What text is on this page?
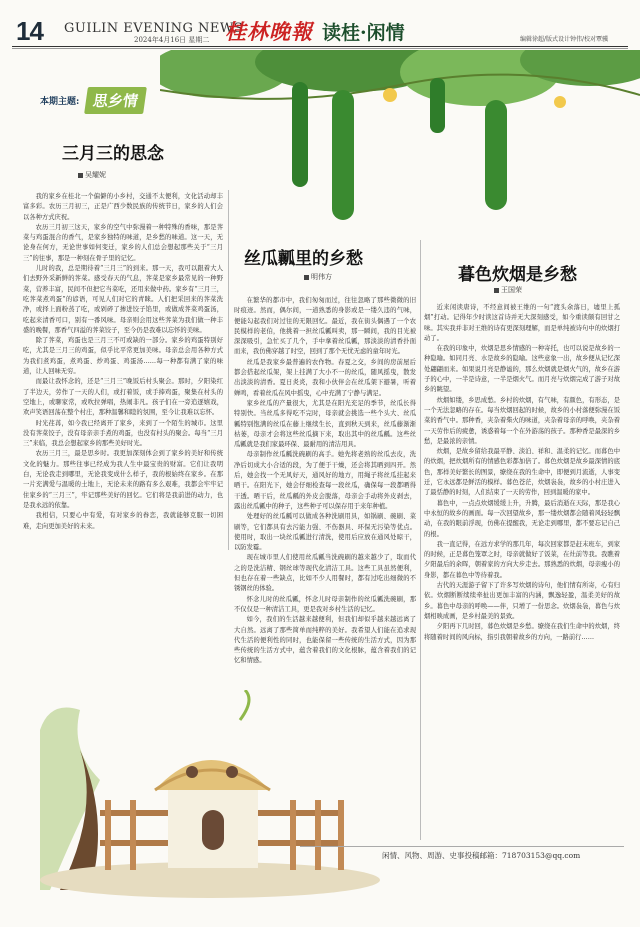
14 GUILIN EVENING NEWS
2024年4月16日 星期二 桂林晚報 读桂·闲情	编辑徐超/版式设计钟伟/校对覃骥
本期主题: 思乡情
三月三的思念
吴耀妮

我的家乡在桂北一个偏僻的小乡村，交通不太便利，文化活动却丰富多彩。农历三月初三，正是广西少数民族的传统节日，家乡的人们会以各种方式庆祝。

农历三月初三这天，家乡的空气中弥漫着一种特殊的香味，那是荠菜与鸡蛋混合的香气，是家乡独特的味道，是乡愁的味道。这一天，无论身在何方，无论世事如何变迁，家乡的人们总会想起那些关于“三月三”的往事，那是一种刻在骨子里的记忆。

儿时的我，总是期待着“三月三”的到来。那一天，我可以跟着大人们去野外采新鲜的荠菜。感受春天的气息，荠菜是家乡最常见的一种野菜，营养丰富，民间不但把它当菜吃，还用来做中药。家乡有“三月三，吃荠菜煮鸡蛋”的谚语，可见人们对它的青睐。人们把采回来的荠菜洗净，或择上面粉蒸了吃，或剁碎了掺进饺子馅里，或做成荠菜鸡蛋汤，吃起来清香可口，别有一番风味。母亲则会用这些荠菜为我们做一种丰盛的晚餐，那香气四溢的荠菜饺子，至今仍是我难以忘怀的美味。

除了荠菜，鸡蛋也是三月三不可或缺的一部分。家乡的鸡蛋特别好吃，尤其是三月三的鸡蛋，似乎比平常更加美味。母亲总会用各种方式为我们煮鸡蛋，煮鸡蛋、炒鸡蛋、鸡蛋汤……每一种都有满了家的味道，让人回味无穷。

而最让我怀念的，还是“三月三”晚饭后村头聚会。那时，夕阳染红了半边天，劳作了一天的人们，或打着饭，或手捧鸡蛋，聚集在村头的空地上，或聊家常，或吹拉弹唱，热闹非凡。孩子们在一旁追逐嬉戏，欢声笑语回荡在整个村庄，那种温馨和睦的氛围，至今让我难以忘怀。

时光荏苒，如今我已经离开了家乡，来到了一个陌生的城市。这里没有荠菜饺子，没有母亲亲手煮的鸡蛋，也没有村头的聚会。每当“三月三”来临，我总会想起家乡的那些美好时光。

农历三月三，最是思乡时。我更加深刻体会到了家乡的美好和传统文化的魅力。那些往事已经成为我人生中最宝贵的财富。它们让我明白，无论我走到哪里，无论我变成什么样子，我的根始终在家乡。在那一片充满爱与温暖的土地上，无论未来的路有多么艰难，我都会牢牢记住家乡的“三月三”，牢记那些美好的回忆。它们将是我前进的动力，也是我永远的依靠。

我相信，只要心中有爱，有对家乡的眷恋，我就能够克服一切困难，走向更加美好的未来。

丝瓜瓤里的乡愁
明伟方

在繁华的都市中，我们匆匆而过，往往忽略了那些微微的旧时痕迹。然而，偶尔间，一道熟悉的身影或是一缕久违的气味，便能勾起我们对过往的无限回忆。最近，我在街头偶遇了一个农民模样的老伯，他挑着一担丝瓜瓤叫卖，那一瞬间，我的目光被深深吸引，急忙买了几个，手中拿着丝瓜瓤，那淡淡的清香扑面而来，我仿佛穿越了时空，回到了那个无忧无虑的童年时光。

丝瓜是我家乡最普遍的农作物。春夏之交，乡间的房前屋后都会搭起丝瓜架，架上挂满了大小不一的丝瓜，随风摇曳，散发出淡淡的清香。夏日炎炎，我和小伙伴会在丝瓜架下避暑，听着蝉鸣，看着丝瓜在风中摇曳，心中充满了宁静与满足。

家乡丝瓜的产量很大，尤其是在阳光充足的季节，丝瓜长得特别快。当丝瓜多得吃不完时，母亲就会挑选一些个头大、丝瓜瓤特别饱满的丝瓜在藤上继续生长，直到秋天到来，丝瓜藤渐渐枯萎，母亲才会将这些丝瓜摘下来，取出其中的丝瓜瓤。这些丝瓜瓤就是我们家最环保、最耐用的清洁用具。

母亲制作丝瓜瓤洗碗刷的高手。她先将老熟的丝瓜去皮，洗净后切成大小合适的段，为了便于干燥，还会将其晒到四开。然后，她会找一个无风好天，通风好的地方，用绳子将丝瓜挂起来晒干。在阳光下，她会仔细检查每一段丝瓜，确保每一段都晒得干透。晒干后，丝瓜瓤的外皮会脱落，母亲会手动将外皮剥去，露出丝瓜瓤中的种子，这些种子可以保存用于来年种植。

处理好的丝瓜瓤可以做成各种洗刷用具，如锅刷、碗刷、菜刷等，它们都具有去污能力强、不伤器具、环保无污染等优点。使用时，取出一块丝瓜瓤进行清洗，使用后应放在通风处晾干，以防发霉。

现在城市里人们使用丝瓜瓤当洗碗刷的越来越少了，取而代之的是洗洁精、钢丝球等现代化清洁工具。这些工具虽然便利，但也存在着一些缺点，比如不少人用餐时，都有过吃出细微的不锈钢丝的体验。

怀念儿时的丝瓜瓤，怀念儿时母亲制作的丝瓜瓤洗碗刷，那不仅仅是一种清洁工具，更是我对乡村生活的记忆。

如今，我们的生活越来越便利，但我们却似乎越来越远离了大自然。远离了那些简单而纯粹的美好。我希望人们能在追求现代生活的便利性的同时，也能保留一些传统的生活方式，因为那些传统的生活方式中，蕴含着我们的文化根脉，蕴含着我们的记忆和情感。

暮色炊烟是乡愁
王国荣

近来闲读唐诗，不经意间被王维的一句“渡头余落日，墟里上孤烟”打动。记得年少时读这首诗并无大深刻感受，如今重读颇有回甘之味。其实我并非对王维的诗有更深刻理解，而是单纯被诗句中的炊烟打动了。

在我的印象中，炊烟是思乡情感的一种寄托，也可以说是故乡的一种隐喻。如同月亮、水是故乡的隐喻。这些意象一出，故乡便从记忆深处翩翩而来。如果说月亮是静谧的，那么炊烟就是烟火气的，故乡在游子的心中，一半是诗意，一半是烟火气。而月亮与炊烟完成了游子对故乡的眺望。

炊烟如缕，乡思成愁。乡村的炊烟，有气味，有颜色，有形态，是一个无法忽略的存在。每当炊烟回起的时候，故乡的小村落便弥漫在饭菜的香气中。那种香，夹杂着柴火的味道，夹杂着母亲的呼唤，夹杂着一天劳作后的疲惫，诱惑着每一个在外游荡的孩子。那种香是最深的乡愁，是最浓的亲情。

炊烟，是故乡留给我最平静、淡泊、祥和、温柔的记忆。而暮色中的炊烟，把炊烟所有的情感色彩都加倍了。暮色炊烟是故乡最深情的底色，那样美好繁长的图景，缭绕在我的生命中，即便到月流逝，人事变迁，它永远都是鲜活的模样。暮色苍茫，炊烟袅袅，故乡的小村庄进入了最恬静的时刻，人们结束了一天的劳作，回到温暖的家中。

暮色中，一点点炊烟缓缓上升，升腾，最后消逝在天际，那是我心中永恒的故乡的画面。每一次回望故乡，那一缕炊烟都会随着风轻轻飘动，在我的眼前浮现，仿佛在提醒我，无论走到哪里，都不要忘记自己的根。

我一直记得，在远方求学的那几年，每次回家都是赶末班车，到家的时候，正是暮色笼罩之时，母亲就做好了饭菜，在灶前等我。我瞧着夕阳最后的余晖，朝着家的方向大步走去。那熟悉的炊烟，母亲瘦小的身影，都在暮色中等待着我。

古代的天涯游子留下了许多写炊烟的诗句，他们情有所寄，心有归依。炊烟断断续续牵扯出更加丰富的内涵，飘逸轻盈，温柔美好的故乡。暮色中母亲的呼唤——伴，只增了一份思念。炊烟袅袅，暮色与炊烟相映成画，是乡村最美的景致。

夕阳再下几时回，暮色炊烟是乡愁。缭绕在我们生命中的炊烟，终将随着时间的风向标，指引我朝着故乡的方向，一路前行……

闲情、风物、周游、史事投稿邮箱：718703153@qq.com
